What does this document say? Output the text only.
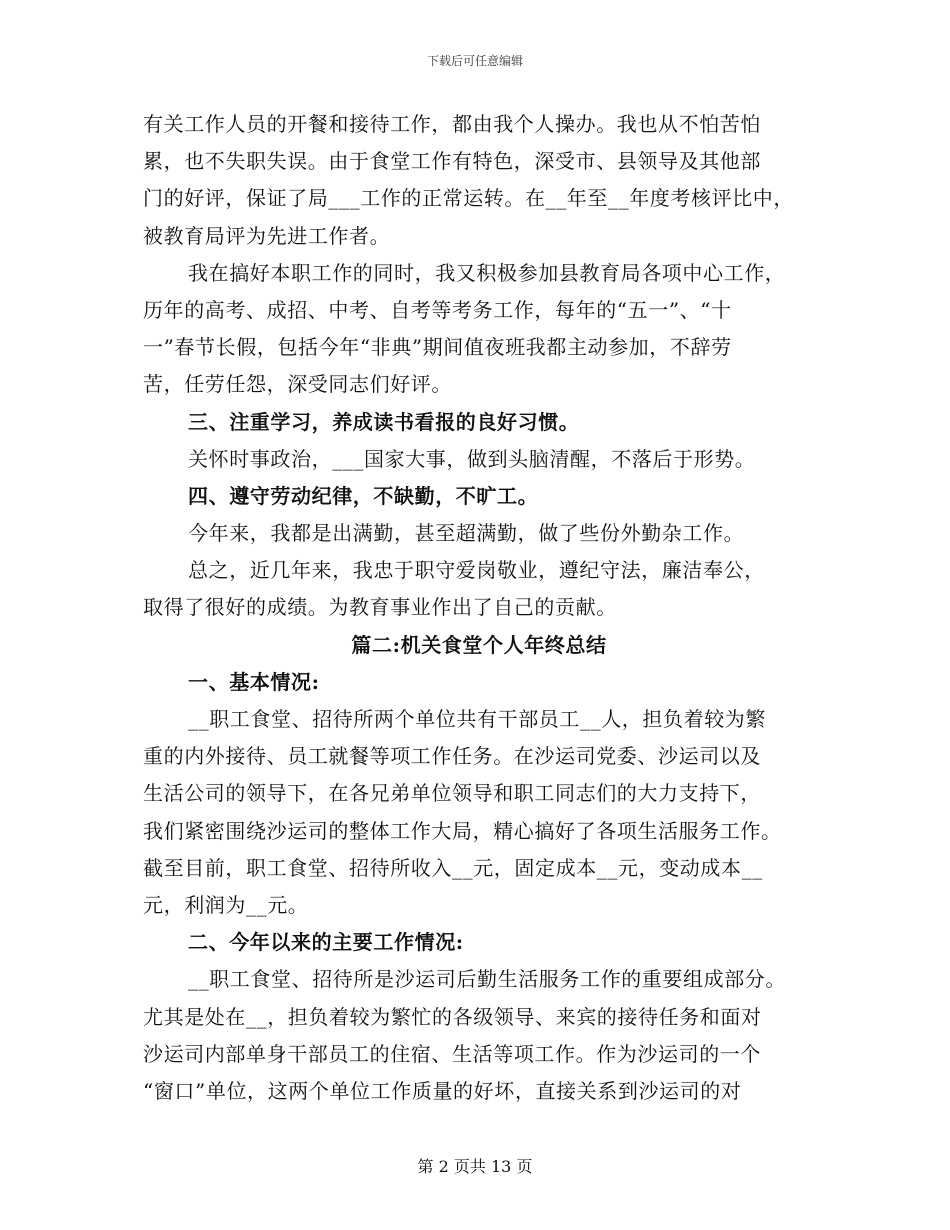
下载后可任意编辑
有关工作人员的开餐和接待工作，都由我个人操办。我也从不怕苦怕
累，也不失职失误。由于食堂工作有特色，深受市、县领导及其他部
门的好评，保证了局___工作的正常运转。在__年至__年度考核评比中，
被教育局评为先进工作者。
我在搞好本职工作的同时，我又积极参加县教育局各项中心工作，
历年的高考、成招、中考、自考等考务工作，每年的“五一”、“十
一”春节长假，包括今年“非典”期间值夜班我都主动参加，不辞劳
苦，任劳任怨，深受同志们好评。
三、注重学习，养成读书看报的良好习惯。
关怀时事政治，___国家大事，做到头脑清醒，不落后于形势。
四、遵守劳动纪律，不缺勤，不旷工。
今年来，我都是出满勤，甚至超满勤，做了些份外勤杂工作。
总之，近几年来，我忠于职守爱岗敬业，遵纪守法，廉洁奉公，
取得了很好的成绩。为教育事业作出了自己的贡献。
篇二:机关食堂个人年终总结
一、基本情况:
__职工食堂、招待所两个单位共有干部员工__人，担负着较为繁
重的内外接待、员工就餐等项工作任务。在沙运司党委、沙运司以及
生活公司的领导下，在各兄弟单位领导和职工同志们的大力支持下，
我们紧密围绕沙运司的整体工作大局，精心搞好了各项生活服务工作。
截至目前，职工食堂、招待所收入__元，固定成本__元，变动成本__
元，利润为__元。
二、今年以来的主要工作情况:
__职工食堂、招待所是沙运司后勤生活服务工作的重要组成部分。
尤其是处在__，担负着较为繁忙的各级领导、来宾的接待任务和面对
沙运司内部单身干部员工的住宿、生活等项工作。作为沙运司的一个
“窗口”单位，这两个单位工作质量的好坏，直接关系到沙运司的对
第 2 页共 13 页
